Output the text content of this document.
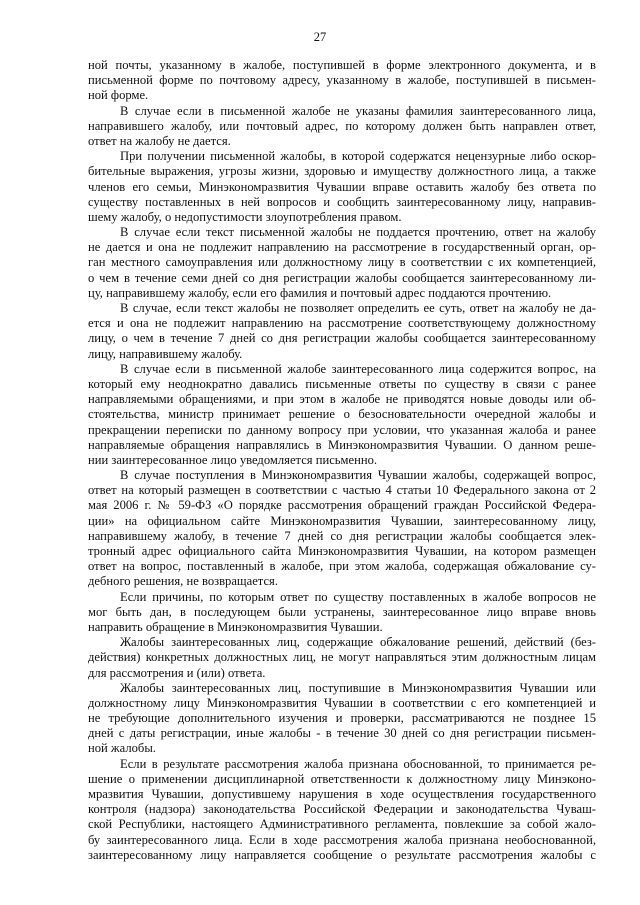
27
ной почты, указанному в жалобе, поступившей в форме электронного документа, и в
письменной форме по почтовому адресу, указанному в жалобе, поступившей в письмен-
ной форме.
В случае если в письменной жалобе не указаны фамилия заинтересованного лица,
направившего жалобу, или почтовый адрес, по которому должен быть направлен ответ,
ответ на жалобу не дается.
При получении письменной жалобы, в которой содержатся нецензурные либо оскор-
бительные выражения, угрозы жизни, здоровью и имуществу должностного лица, а также
членов его семьи, Минэкономразвития Чувашии вправе оставить жалобу без ответа по
существу поставленных в ней вопросов и сообщить заинтересованному лицу, направив-
шему жалобу, о недопустимости злоупотребления правом.
В случае если текст письменной жалобы не поддается прочтению, ответ на жалобу
не дается и она не подлежит направлению на рассмотрение в государственный орган, ор-
ган местного самоуправления или должностному лицу в соответствии с их компетенцией,
о чем в течение семи дней со дня регистрации жалобы сообщается заинтересованному ли-
цу, направившему жалобу, если его фамилия и почтовый адрес поддаются прочтению.
В случае, если текст жалобы не позволяет определить ее суть, ответ на жалобу не да-
ется и она не подлежит направлению на рассмотрение соответствующему должностному
лицу, о чем в течение 7 дней со дня регистрации жалобы сообщается заинтересованному
лицу, направившему жалобу.
В случае если в письменной жалобе заинтересованного лица содержится вопрос, на
который ему неоднократно давались письменные ответы по существу в связи с ранее
направляемыми обращениями, и при этом в жалобе не приводятся новые доводы или об-
стоятельства, министр принимает решение о безосновательности очередной жалобы и
прекращении переписки по данному вопросу при условии, что указанная жалоба и ранее
направляемые обращения направлялись в Минэкономразвития Чувашии. О данном реше-
нии заинтересованное лицо уведомляется письменно.
В случае поступления в Минэкономразвития Чувашии жалобы, содержащей вопрос,
ответ на который размещен в соответствии с частью 4 статьи 10 Федерального закона от 2
мая 2006 г. № 59-ФЗ «О порядке рассмотрения обращений граждан Российской Федера-
ции» на официальном сайте Минэкономразвития Чувашии, заинтересованному лицу,
направившему жалобу, в течение 7 дней со дня регистрации жалобы сообщается элек-
тронный адрес официального сайта Минэкономразвития Чувашии, на котором размещен
ответ на вопрос, поставленный в жалобе, при этом жалоба, содержащая обжалование су-
дебного решения, не возвращается.
Если причины, по которым ответ по существу поставленных в жалобе вопросов не
мог быть дан, в последующем были устранены, заинтересованное лицо вправе вновь
направить обращение в Минэкономразвития Чувашии.
Жалобы заинтересованных лиц, содержащие обжалование решений, действий (без-
действия) конкретных должностных лиц, не могут направляться этим должностным лицам
для рассмотрения и (или) ответа.
Жалобы заинтересованных лиц, поступившие в Минэкономразвития Чувашии или
должностному лицу Минэкономразвития Чувашии в соответствии с его компетенцией и
не требующие дополнительного изучения и проверки, рассматриваются не позднее 15
дней с даты регистрации, иные жалобы - в течение 30 дней со дня регистрации письмен-
ной жалобы.
Если в результате рассмотрения жалоба признана обоснованной, то принимается ре-
шение о применении дисциплинарной ответственности к должностному лицу Минэконо-
мразвития Чувашии, допустившему нарушения в ходе осуществления государственного
контроля (надзора) законодательства Российской Федерации и законодательства Чуваш-
ской Республики, настоящего Административного регламента, повлекшие за собой жало-
бу заинтересованного лица. Если в ходе рассмотрения жалоба признана необоснованной,
заинтересованному лицу направляется сообщение о результате рассмотрения жалобы с
